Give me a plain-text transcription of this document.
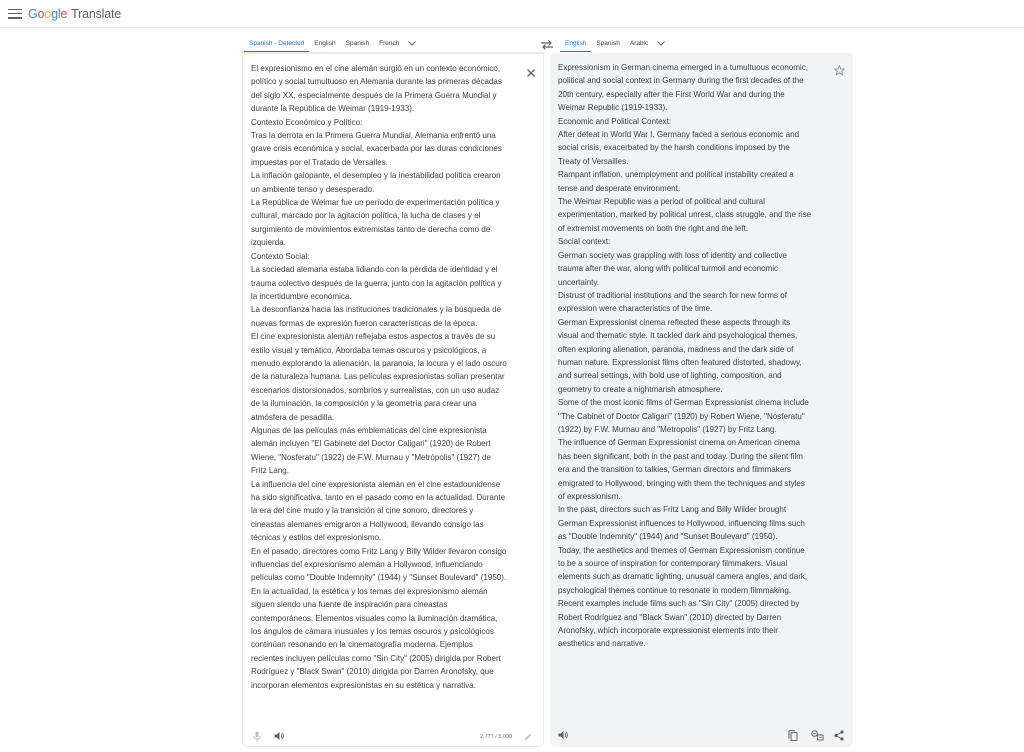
G o o g l e Translate
Spanish - Detected	English	Spanish	French	English	Spanish	Arabic
El expresionismo en el cine alemán surgió en un contexto económico,
político y social tumultuoso en Alemania durante las primeras décadas
del siglo XX, especialmente después de la Primera Guerra Mundial y
durante la República de Weimar (1919-1933).
Contexto Económico y Político:
Tras la derrota en la Primera Guerra Mundial, Alemania enfrentó una
grave crisis económica y social, exacerbada por las duras condiciones
impuestas por el Tratado de Versalles.
La inflación galopante, el desempleo y la inestabilidad política crearon
un ambiente tenso y desesperado.
La República de Weimar fue un período de experimentación política y
cultural, marcado por la agitación política, la lucha de clases y el
surgimiento de movimientos extremistas tanto de derecha como de
izquierda.
Contexto Social:
La sociedad alemana estaba lidiando con la pérdida de identidad y el
trauma colectivo después de la guerra, junto con la agitación política y
la incertidumbre económica.
La desconfianza hacia las instituciones tradicionales y la búsqueda de
nuevas formas de expresión fueron características de la época.
El cine expresionista alemán reflejaba estos aspectos a través de su
estilo visual y temático. Abordaba temas oscuros y psicológicos, a
menudo explorando la alienación, la paranoia, la locura y el lado oscuro
de la naturaleza humana. Las películas expresionistas solían presentar
escenarios distorsionados, sombríos y surrealistas, con un uso audaz
de la iluminación, la composición y la geometría para crear una
atmósfera de pesadilla.
Algunas de las películas más emblemáticas del cine expresionista
alemán incluyen "El Gabinete del Doctor Caligari" (1920) de Robert
Wiene, "Nosferatu" (1922) de F.W. Murnau y "Metrópolis" (1927) de
Fritz Lang.
La influencia del cine expresionista alemán en el cine estadounidense
ha sido significativa, tanto en el pasado como en la actualidad. Durante
la era del cine mudo y la transición al cine sonoro, directores y
cineastas alemanes emigraron a Hollywood, llevando consigo las
técnicas y estilos del expresionismo.
En el pasado, directores como Fritz Lang y Billy Wilder llevaron consigo
influencias del expresionismo alemán a Hollywood, influenciando
películas como "Double Indemnity" (1944) y "Sunset Boulevard" (1950).
En la actualidad, la estética y los temas del expresionismo alemán
siguen siendo una fuente de inspiración para cineastas
contemporáneos. Elementos visuales como la iluminación dramática,
los ángulos de cámara inusuales y los temas oscuros y psicológicos
continúan resonando en la cinematografía moderna. Ejemplos
recientes incluyen películas como "Sin City" (2005) dirigida por Robert
Rodríguez y "Black Swan" (2010) dirigida por Darren Aronofsky, que
incorporan elementos expresionistas en su estética y narrativa.
2,777 / 5,000
Expressionism in German cinema emerged in a tumultuous economic,
political and social context in Germany during the first decades of the
20th century, especially after the First World War and during the
Weimar Republic (1919-1933).
Economic and Political Context:
After defeat in World War I, Germany faced a serious economic and
social crisis, exacerbated by the harsh conditions imposed by the
Treaty of Versailles.
Rampant inflation, unemployment and political instability created a
tense and desperate environment.
The Weimar Republic was a period of political and cultural
experimentation, marked by political unrest, class struggle, and the rise
of extremist movements on both the right and the left.
Social context:
German society was grappling with loss of identity and collective
trauma after the war, along with political turmoil and economic
uncertainty.
Distrust of traditional institutions and the search for new forms of
expression were characteristics of the time.
German Expressionist cinema reflected these aspects through its
visual and thematic style. It tackled dark and psychological themes,
often exploring alienation, paranoia, madness and the dark side of
human nature. Expressionist films often featured distorted, shadowy,
and surreal settings, with bold use of lighting, composition, and
geometry to create a nightmarish atmosphere.
Some of the most iconic films of German Expressionist cinema include
"The Cabinet of Doctor Caligari" (1920) by Robert Wiene, "Nosferatu"
(1922) by F.W. Murnau and "Metropolis" (1927) by Fritz Lang.
The influence of German Expressionist cinema on American cinema
has been significant, both in the past and today. During the silent film
era and the transition to talkies, German directors and filmmakers
emigrated to Hollywood, bringing with them the techniques and styles
of expressionism.
In the past, directors such as Fritz Lang and Billy Wilder brought
German Expressionist influences to Hollywood, influencing films such
as "Double Indemnity" (1944) and "Sunset Boulevard" (1950).
Today, the aesthetics and themes of German Expressionism continue
to be a source of inspiration for contemporary filmmakers. Visual
elements such as dramatic lighting, unusual camera angles, and dark,
psychological themes continue to resonate in modern filmmaking.
Recent examples include films such as "Sin City" (2005) directed by
Robert Rodríguez and "Black Swan" (2010) directed by Darren
Aronofsky, which incorporate expressionist elements into their
aesthetics and narrative.
